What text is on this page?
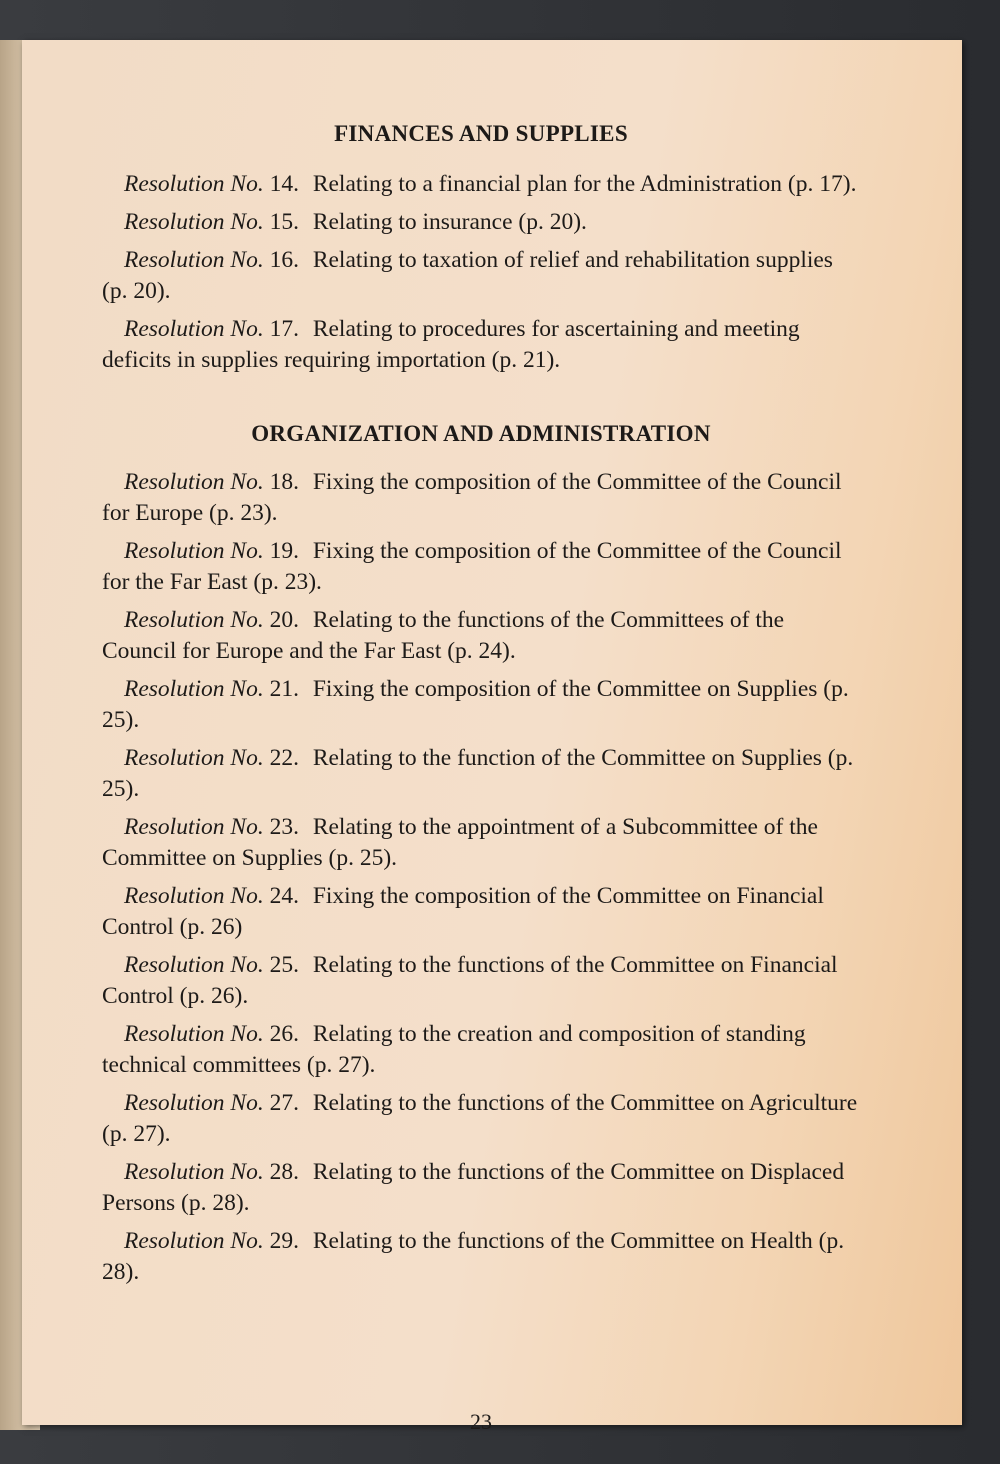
FINANCES AND SUPPLIES

Resolution No. 14. Relating to a financial plan for the Administration (p. 17).

Resolution No. 15. Relating to insurance (p. 20).

Resolution No. 16. Relating to taxation of relief and rehabilitation supplies (p. 20).

Resolution No. 17. Relating to procedures for ascertaining and meeting deficits in supplies requiring importation (p. 21).

ORGANIZATION AND ADMINISTRATION

Resolution No. 18. Fixing the composition of the Committee of the Council for Europe (p. 23).

Resolution No. 19. Fixing the composition of the Committee of the Council for the Far East (p. 23).

Resolution No. 20. Relating to the functions of the Committees of the Council for Europe and the Far East (p. 24).

Resolution No. 21. Fixing the composition of the Committee on Supplies (p. 25).

Resolution No. 22. Relating to the function of the Committee on Supplies (p. 25).

Resolution No. 23. Relating to the appointment of a Subcommittee of the Committee on Supplies (p. 25).

Resolution No. 24. Fixing the composition of the Committee on Financial Control (p. 26)

Resolution No. 25. Relating to the functions of the Committee on Financial Control (p. 26).

Resolution No. 26. Relating to the creation and composition of standing technical committees (p. 27).

Resolution No. 27. Relating to the functions of the Committee on Agriculture (p. 27).

Resolution No. 28. Relating to the functions of the Committee on Displaced Persons (p. 28).

Resolution No. 29. Relating to the functions of the Committee on Health (p. 28).

23
